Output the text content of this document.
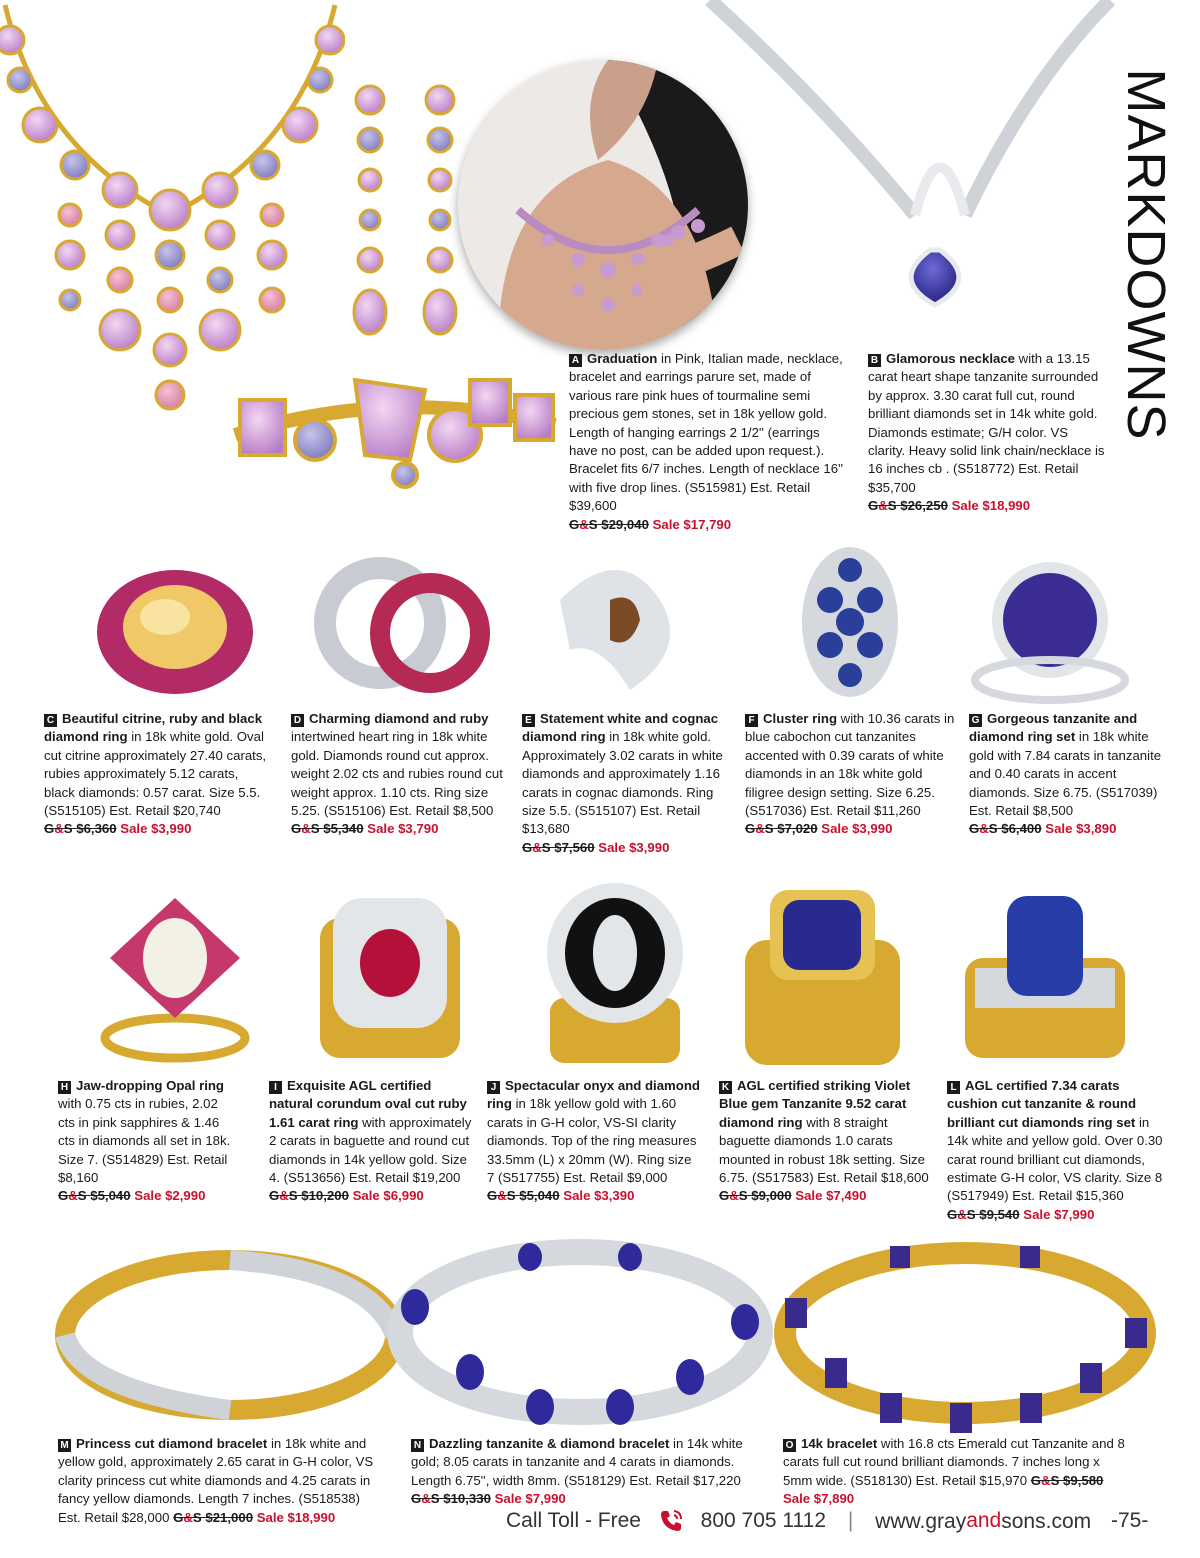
MARKDOWNS
A Graduation in Pink, Italian made, necklace, bracelet and earrings parure set, made of various rare pink hues of tourmaline semi precious gem stones, set in 18k yellow gold. Length of hanging earrings 2 1/2'' (earrings have no post, can be added upon request.). Bracelet fits 6/7 inches. Length of necklace 16'' with five drop lines. (S515981) Est. Retail $39,600
G&S $29,040 Sale $17,790
B Glamorous necklace with a 13.15 carat heart shape tanzanite surrounded by approx. 3.30 carat full cut, round brilliant diamonds set in 14k white gold. Diamonds estimate; G/H color. VS clarity. Heavy solid link chain/necklace is 16 inches cb . (S518772) Est. Retail $35,700
G&S $26,250 Sale $18,990
C Beautiful citrine, ruby and black diamond ring in 18k white gold. Oval cut citrine approximately 27.40 carats, rubies approximately 5.12 carats, black diamonds: 0.57 carat. Size 5.5. (S515105) Est. Retail $20,740
G&S $6,360 Sale $3,990
D Charming diamond and ruby intertwined heart ring in 18k white gold. Diamonds round cut approx. weight 2.02 cts and rubies round cut weight approx. 1.10 cts. Ring size 5.25. (S515106) Est. Retail $8,500
G&S $5,340 Sale $3,790
E Statement white and cognac diamond ring in 18k white gold. Approximately 3.02 carats in white diamonds and approximately 1.16 carats in cognac diamonds. Ring size 5.5. (S515107) Est. Retail $13,680
G&S $7,560 Sale $3,990
F Cluster ring with 10.36 carats in blue cabochon cut tanzanites accented with 0.39 carats of white diamonds in an 18k white gold filigree design setting. Size 6.25. (S517036) Est. Retail $11,260
G&S $7,020 Sale $3,990
G Gorgeous tanzanite and diamond ring set in 18k white gold with 7.84 carats in tanzanite and 0.40 carats in accent diamonds. Size 6.75. (S517039) Est. Retail $8,500
G&S $6,400 Sale $3,890
H Jaw-dropping Opal ring with 0.75 cts in rubies, 2.02 cts in pink sapphires & 1.46 cts in diamonds all set in 18k. Size 7. (S514829) Est. Retail $8,160
G&S $5,040 Sale $2,990
I Exquisite AGL certified natural corundum oval cut ruby 1.61 carat ring with approximately 2 carats in baguette and round cut diamonds in 14k yellow gold. Size 4. (S513656) Est. Retail $19,200
G&S $10,200 Sale $6,990
J Spectacular onyx and diamond ring in 18k yellow gold with 1.60 carats in G-H color, VS-SI clarity diamonds. Top of the ring measures 33.5mm (L) x 20mm (W). Ring size 7 (S517755) Est. Retail $9,000
G&S $5,040 Sale $3,390
K AGL certified striking Violet Blue gem Tanzanite 9.52 carat diamond ring with 8 straight baguette diamonds 1.0 carats mounted in robust 18k setting. Size 6.75. (S517583) Est. Retail $18,600
G&S $9,000 Sale $7,490
L AGL certified 7.34 carats cushion cut tanzanite & round brilliant cut diamonds ring set in 14k white and yellow gold. Over 0.30 carat round brilliant cut diamonds, estimate G-H color, VS clarity. Size 8 (S517949) Est. Retail $15,360
G&S $9,540 Sale $7,990
M Princess cut diamond bracelet in 18k white and yellow gold, approximately 2.65 carat in G-H color, VS clarity princess cut white diamonds and 4.25 carats in fancy yellow diamonds. Length 7 inches. (S518538) Est. Retail $28,000 G&S $21,000 Sale $18,990
N Dazzling tanzanite & diamond bracelet in 14k white gold; 8.05 carats in tanzanite and 4 carats in diamonds. Length 6.75'', width 8mm. (S518129) Est. Retail $17,220
G&S $10,330 Sale $7,990
O 14k bracelet with 16.8 cts Emerald cut Tanzanite and 8 carats full cut round brilliant diamonds. 7 inches long x 5mm wide. (S518130) Est. Retail $15,970 G&S $9,580 Sale $7,890
Call Toll - Free	800 705 1112 | www.grayandsons.com -75-
